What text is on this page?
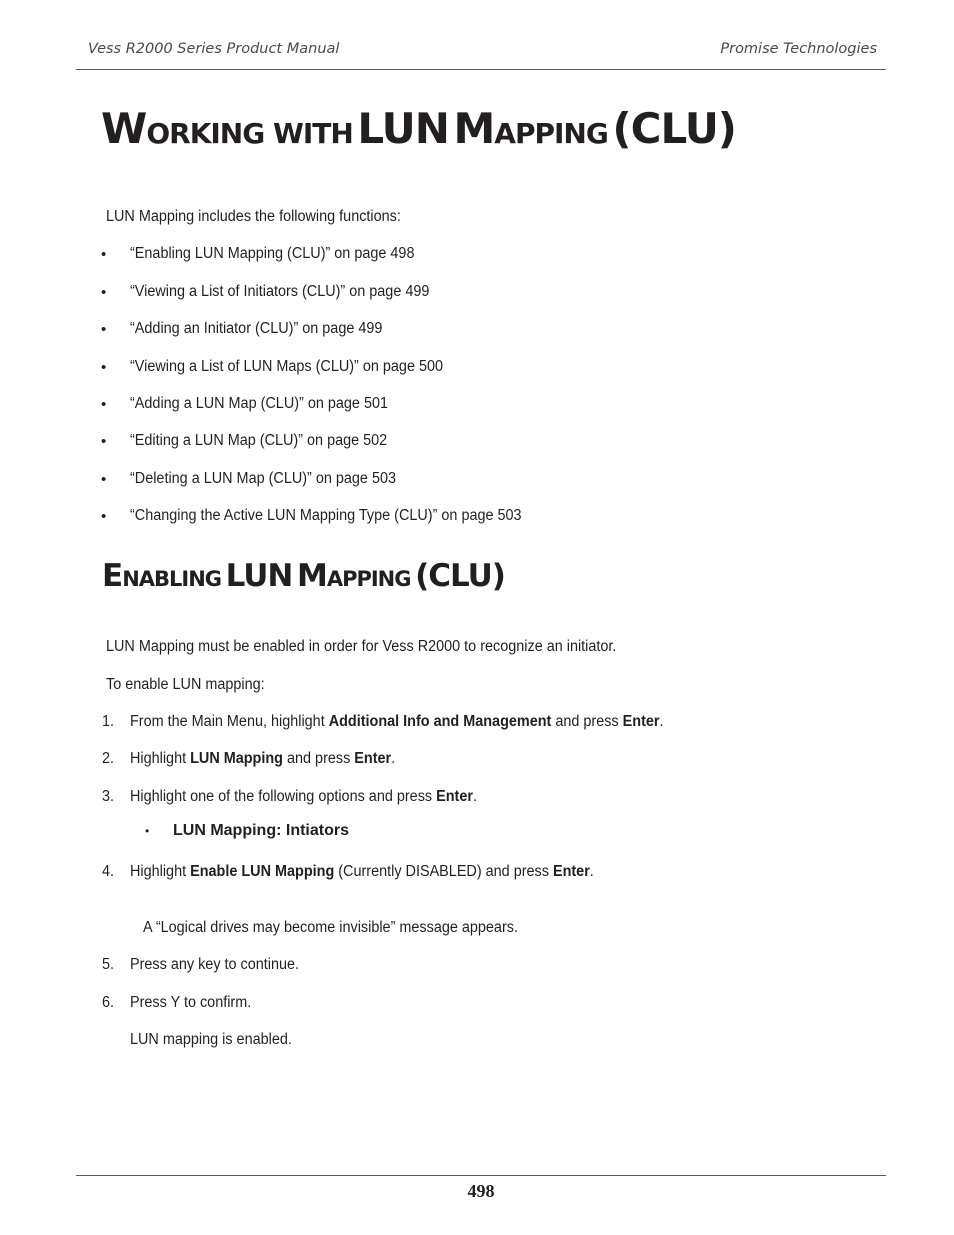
Vess R2000 Series Product Manual	Promise Technologies
WORKING WITH LUN MAPPING (CLU)
LUN Mapping includes the following functions:
• “Enabling LUN Mapping (CLU)” on page 498
• “Viewing a List of Initiators (CLU)” on page 499
• “Adding an Initiator (CLU)” on page 499
• “Viewing a List of LUN Maps (CLU)” on page 500
• “Adding a LUN Map (CLU)” on page 501
• “Editing a LUN Map (CLU)” on page 502
• “Deleting a LUN Map (CLU)” on page 503
• “Changing the Active LUN Mapping Type (CLU)” on page 503
ENABLING LUN MAPPING (CLU)
LUN Mapping must be enabled in order for Vess R2000 to recognize an initiator.
To enable LUN mapping:
1. From the Main Menu, highlight Additional Info and Management and press Enter.
2. Highlight LUN Mapping and press Enter.
3. Highlight one of the following options and press Enter.
• LUN Mapping: Intiators
4. Highlight Enable LUN Mapping (Currently DISABLED) and press Enter.
A “Logical drives may become invisible” message appears.
5. Press any key to continue.
6. Press Y to confirm.
LUN mapping is enabled.
498
